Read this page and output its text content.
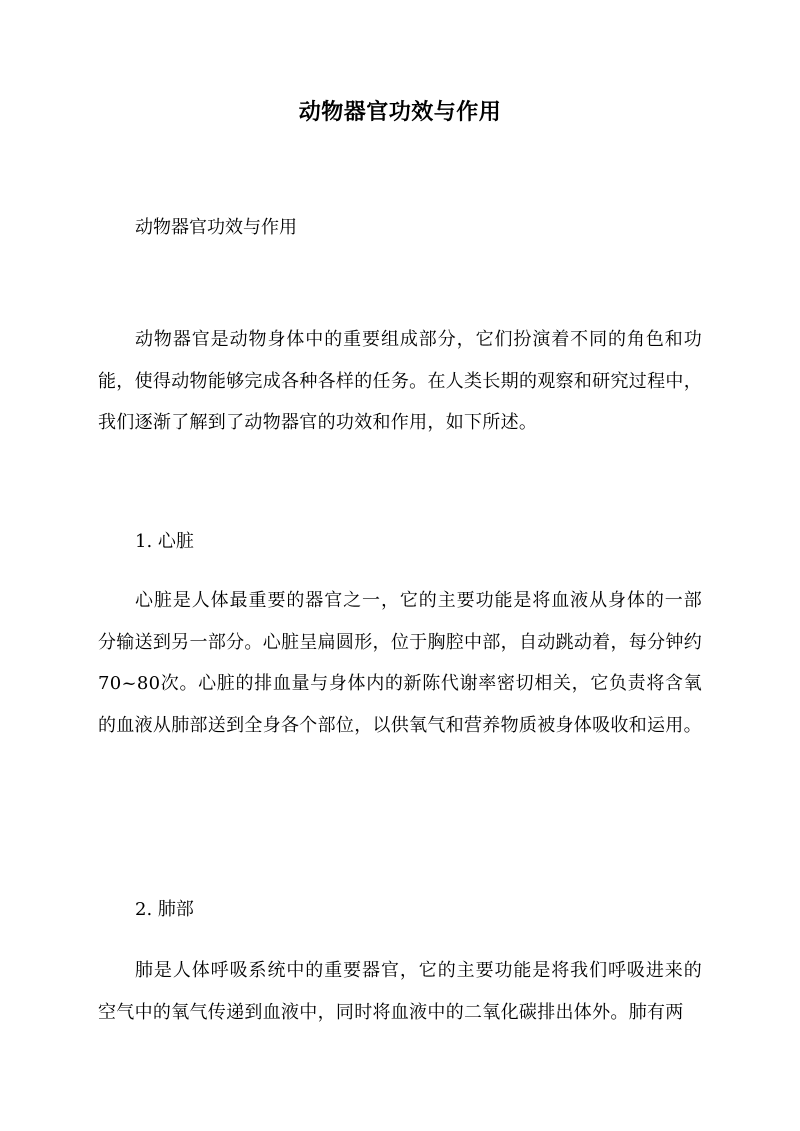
动物器官功效与作用
动物器官功效与作用

动物器官是动物身体中的重要组成部分，它们扮演着不同的角色和功能，使得动物能够完成各种各样的任务。在人类长期的观察和研究过程中，我们逐渐了解到了动物器官的功效和作用，如下所述。

1. 心脏

心脏是人体最重要的器官之一，它的主要功能是将血液从身体的一部分输送到另一部分。心脏呈扁圆形，位于胸腔中部，自动跳动着，每分钟约70~80次。心脏的排血量与身体内的新陈代谢率密切相关，它负责将含氧的血液从肺部送到全身各个部位，以供氧气和营养物质被身体吸收和运用。

2. 肺部

肺是人体呼吸系统中的重要器官，它的主要功能是将我们呼吸进来的空气中的氧气传递到血液中，同时将血液中的二氧化碳排出体外。肺有两
